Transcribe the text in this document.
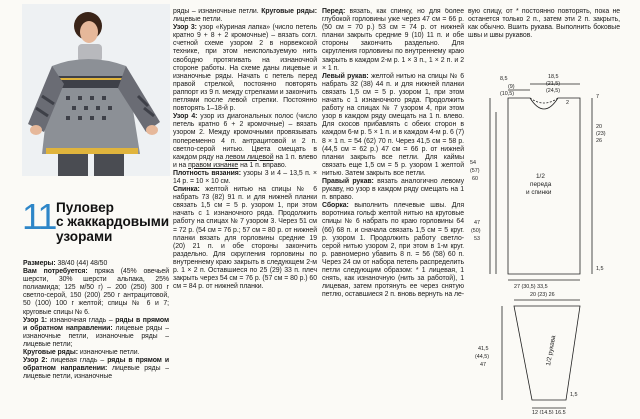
11 Пуловер
с жаккардовыми
узорами

Размеры: 38/40 (44) 48/50

Вам потребуется: пряжа (45% овечьей шерсти, 30% шерсти альпака, 25% полиамида; 125 м/50 г) – 200 (250) 300 г светло-серой, 150 (200) 250 г антрацитовой, 50 (100) 100 г желтой; спицы № 6 и 7; круговые спицы № 6.

Узор 1: изнаночная гладь – ряды в прямом и обратном направлении: лицевые ряды – изнаночные петли, изнаночные ряды – лицевые петли;

Круговые ряды: изнаночные петли.

Узор 2: лицевая гладь – ряды в прямом и обратном направлении: лицевые ряды – лицевые петли, изнаночные

ряды – изнаночные петли. Круговые ряды: лицевые петли.

Узор 3: узор «Куриная лапка» (число петель кратно 9 + 8 + 2 кромочные) – вязать согл. счетной схеме узором 2 в норвежской технике, при этом неиспользуемую нить свободно протягивать на изнаночной стороне работы. На схеме даны лицевые и изнаночные ряды. Начать с петель перед правой стрелкой, постоянно повторять раппорт из 9 п. между стрелками и закончить петлями после левой стрелки. Постоянно повторять 1–18-й р.

Узор 4: узор из диагональных полос (число петель кратно 6 + 2 кромочные) – вязать узором 2. Между кромочными провязывать попеременно 4 п. антрацитовой и 2 п. светло-серой нитью. Цвета смещать в каждом ряду на левом лицевой на 1 п. влево и на правом изнанке на 1 п. вправо.

Плотность вязания: узоры 3 и 4 – 13,5 п. × 14 р. = 10 × 10 см.

Спинка: желтой нитью на спицы № 6 набрать 73 (82) 91 п. и для нижней планки связать 1,5 см = 5 р. узором 1, при этом начать с 1 изнаночного ряда. Продолжить работу на спицах № 7 узором 3. Через 51 см = 72 р. (54 см = 76 р.; 57 см = 80 р. от нижней планки вязать для горловины средние 19 (20) 21 п. и обе стороны закончить раздельно. Для скругления горловины по внутреннему краю закрыть в следующем 2-м р. 1 × 2 п. Оставшиеся по 25 (29) 33 п. плеч закрыть через 54 см = 76 р. (57 см = 80 р.) 60 см = 84 р. от нижней планки.

Перед: вязать, как спинку, но для более глубокой горловины уже через 47 см = 66 р. (50 см = 70 р.) 53 см = 74 р. от нижней планки закрыть средние 9 (10) 11 п. и обе стороны закончить раздельно. Для скругления горловины по внутреннему краю закрыть в каждом 2-м р. 1 × 3 п., 1 × 2 п. и 2 × 1 п.

Левый рукав: желтой нитью на спицы № 6 набрать 32 (38) 44 п. и для нижней планки связать 1,5 см = 5 р. узором 1, при этом начать с 1 изнаночного ряда. Продолжить работу на спицах № 7 узором 4, при этом узор в каждом ряду смещать на 1 п. влево. Для скосов прибавлять с обеих сторон в каждом 6-м р. 5 × 1 п. и в каждом 4-м р. 6 (7) 8 × 1 п. = 54 (62) 70 п. Через 41,5 см = 58 р. (44,5 см = 62 р.) 47 см = 66 р. от нижней планки закрыть все петли. Для каймы связать еще 1,5 см = 5 р. узором 1 желтой нитью. Затем закрыть все петли.

Правый рукав: вязать аналогично левому рукаву, но узор в каждом ряду смещать на 1 п. вправо.

Сборка: выполнить плечевые швы. Для воротника гольф желтой нитью на круговые спицы № 6 набрать по краю горловины 64 (66) 68 п. и сначала связать 1,5 см = 5 круг. р. узором 1. Продолжить работу светло-серой нитью узором 2, при этом в 1-м круг. р. равномерно убавить 8 п. = 56 (58) 60 п. Через 24 см от набора петель распределить петли следующим образом: * 1 лицевая, 1 снять, как изнаночную (нить за работой), 1 лицевая, затем протянуть ее через снятую петлю, оставшиеся 2 п. вновь вернуть на ле-

вую спицу, от * постоянно повторять, пока не останется только 2 п., затем эти 2 п. закрыть, как обычно. Вшить рукава. Выполнить боковые швы и швы рукавов.

1/2
переда
и спинки
8,5
(9)
(10,5)
18,5
(21,5)
(24,5)
2
47
(50)
53
54
(57)
60
20
(23)
26
7
1,5
27 (30,5) 33,5
20 (23) 26
41,5
(44,5)
47
12 (14,5) 16,5
1,5
1/2 рукава
